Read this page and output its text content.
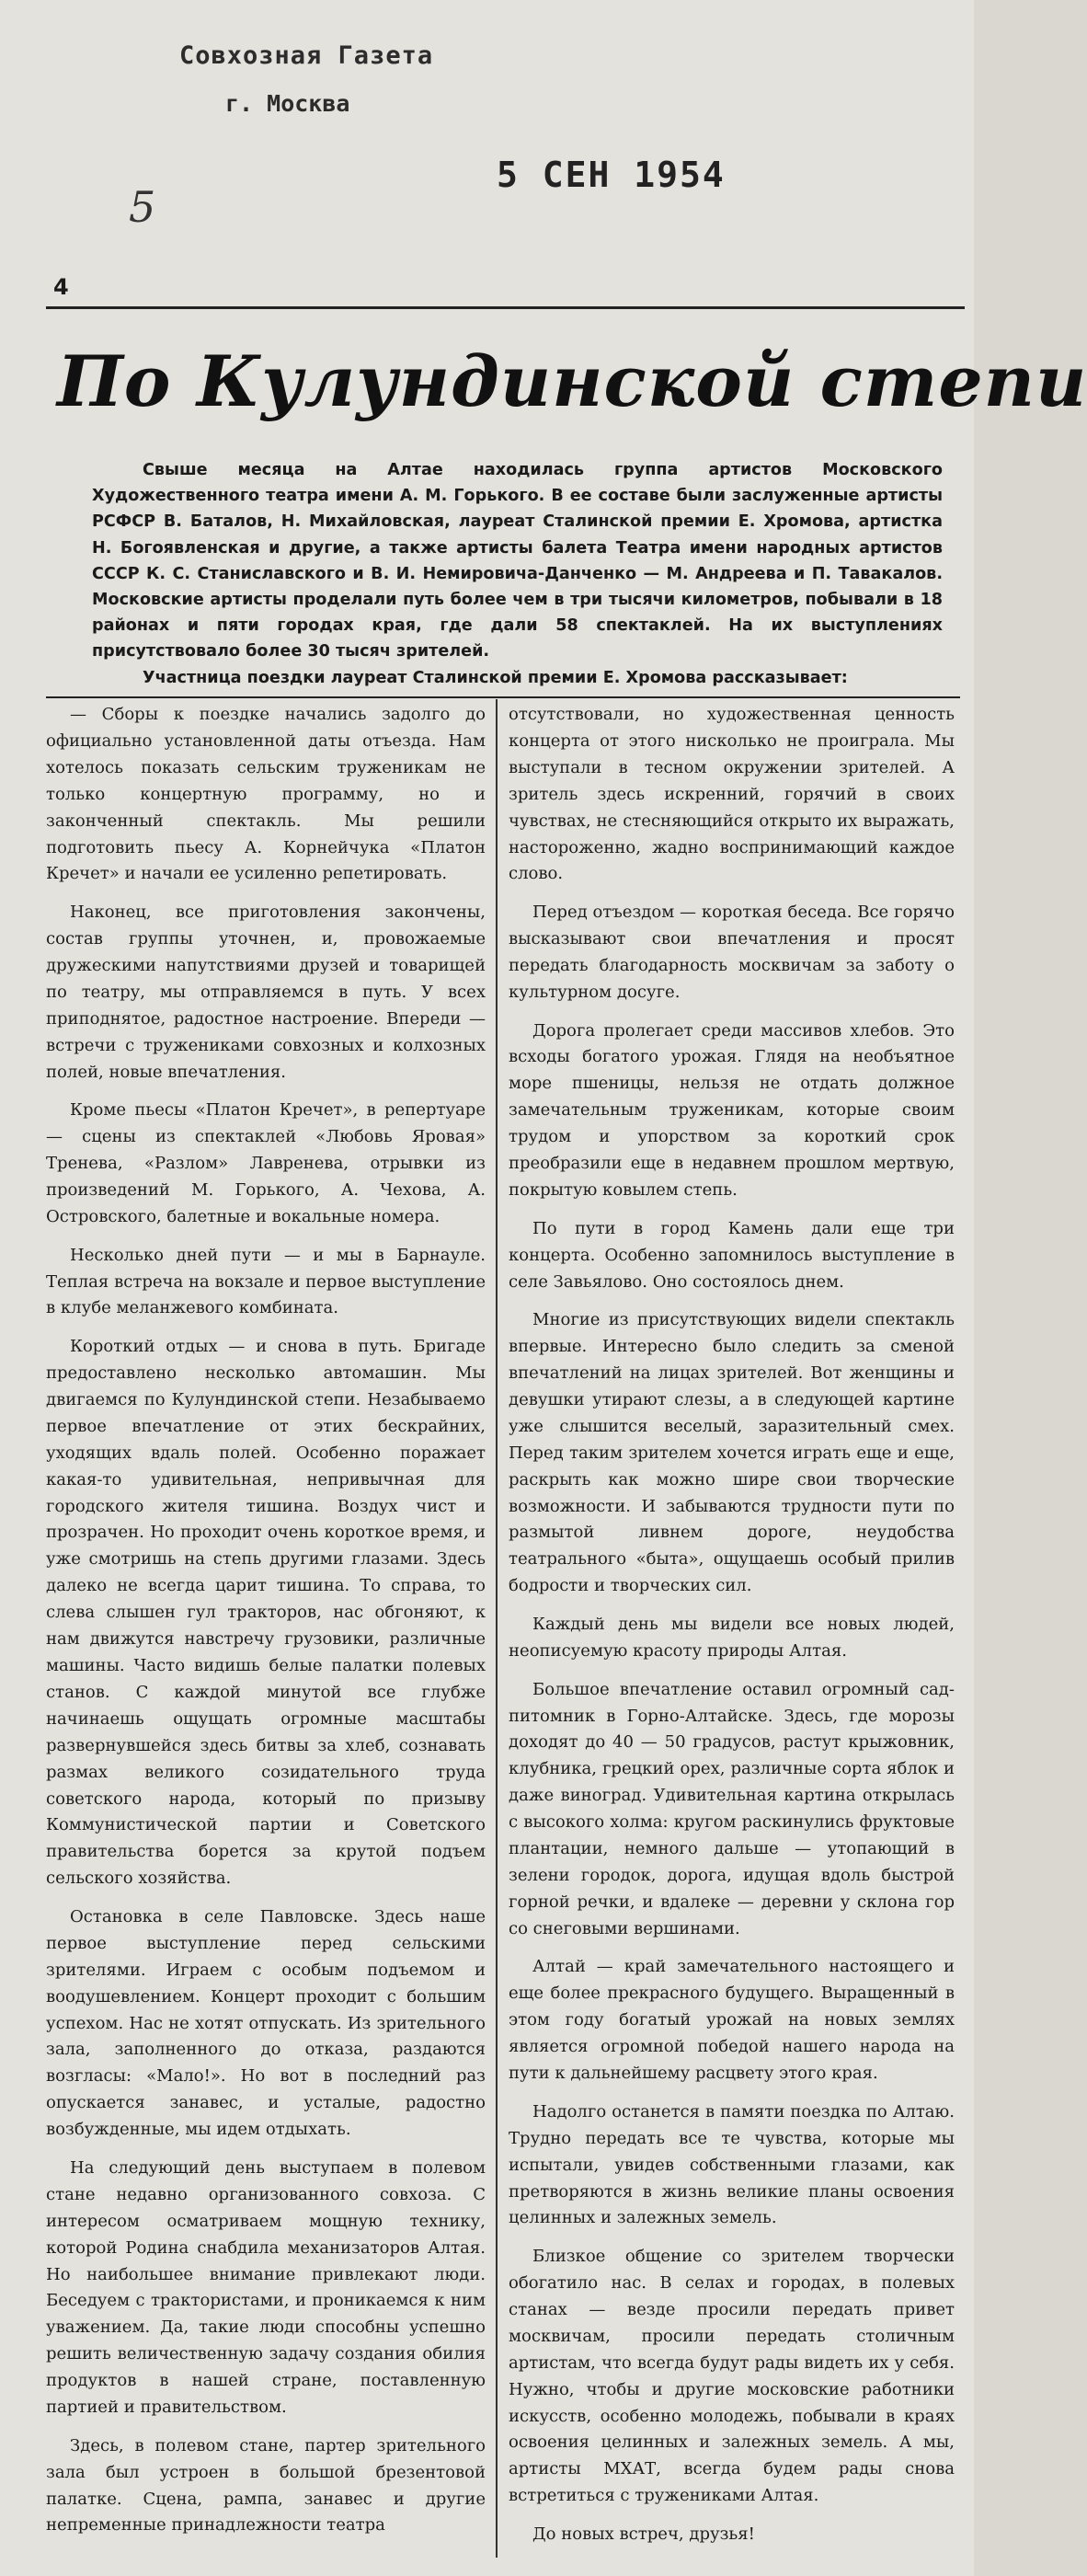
Совхозная Газета
г. Москва
5 СЕН 1954
5
4
По Кулундинской степи

Свыше месяца на Алтае находилась группа артистов Московского Художественного театра имени А. М. Горького. В ее составе были заслуженные артисты РСФСР В. Баталов, Н. Михайловская, лауреат Сталинской премии Е. Хромова, артистка Н. Богоявленская и другие, а также артисты балета Театра имени народных артистов СССР К. С. Станиславского и В. И. Немировича-Данченко — М. Андреева и П. Тавакалов. Московские артисты проделали путь более чем в три тысячи километров, побывали в 18 районах и пяти городах края, где дали 58 спектаклей. На их выступлениях присутствовало более 30 тысяч зрителей.

Участница поездки лауреат Сталинской премии Е. Хромова рассказывает:

— Сборы к поездке начались задолго до официально установленной даты отъезда. Нам хотелось показать сельским труженикам не только концертную программу, но и законченный спектакль. Мы решили подготовить пьесу А. Корнейчука «Платон Кречет» и начали ее усиленно репетировать.

Наконец, все приготовления закончены, состав группы уточнен, и, провожаемые дружескими напутствиями друзей и товарищей по театру, мы отправляемся в путь. У всех приподнятое, радостное настроение. Впереди — встречи с тружениками совхозных и колхозных полей, новые впечатления.

Кроме пьесы «Платон Кречет», в репертуаре — сцены из спектаклей «Любовь Яровая» Тренева, «Разлом» Лавренева, отрывки из произведений М. Горького, А. Чехова, А. Островского, балетные и вокальные номера.

Несколько дней пути — и мы в Барнауле. Теплая встреча на вокзале и первое выступление в клубе меланжевого комбината.

Короткий отдых — и снова в путь. Бригаде предоставлено несколько автомашин. Мы двигаемся по Кулундинской степи. Незабываемо первое впечатление от этих бескрайних, уходящих вдаль полей. Особенно поражает какая-то удивительная, непривычная для городского жителя тишина. Воздух чист и прозрачен. Но проходит очень короткое время, и уже смотришь на степь другими глазами. Здесь далеко не всегда царит тишина. То справа, то слева слышен гул тракторов, нас обгоняют, к нам движутся навстречу грузовики, различные машины. Часто видишь белые палатки полевых станов. С каждой минутой все глубже начинаешь ощущать огромные масштабы развернувшейся здесь битвы за хлеб, сознавать размах великого созидательного труда советского народа, который по призыву Коммунистической партии и Советского правительства борется за крутой подъем сельского хозяйства.

Остановка в селе Павловске. Здесь наше первое выступление перед сельскими зрителями. Играем с особым подъемом и воодушевлением. Концерт проходит с большим успехом. Нас не хотят отпускать. Из зрительного зала, заполненного до отказа, раздаются возгласы: «Мало!». Но вот в последний раз опускается занавес, и усталые, радостно возбужденные, мы идем отдыхать.

На следующий день выступаем в полевом стане недавно организованного совхоза. С интересом осматриваем мощную технику, которой Родина снабдила механизаторов Алтая. Но наибольшее внимание привлекают люди. Беседуем с трактористами, и проникаемся к ним уважением. Да, такие люди способны успешно решить величественную задачу создания обилия продуктов в нашей стране, поставленную партией и правительством.

Здесь, в полевом стане, партер зрительного зала был устроен в большой брезентовой палатке. Сцена, рампа, занавес и другие непременные принадлежности театра

отсутствовали, но художественная ценность концерта от этого нисколько не проиграла. Мы выступали в тесном окружении зрителей. А зритель здесь искренний, горячий в своих чувствах, не стесняющийся открыто их выражать, настороженно, жадно воспринимающий каждое слово.

Перед отъездом — короткая беседа. Все горячо высказывают свои впечатления и просят передать благодарность москвичам за заботу о культурном досуге.

Дорога пролегает среди массивов хлебов. Это всходы богатого урожая. Глядя на необъятное море пшеницы, нельзя не отдать должное замечательным труженикам, которые своим трудом и упорством за короткий срок преобразили еще в недавнем прошлом мертвую, покрытую ковылем степь.

По пути в город Камень дали еще три концерта. Особенно запомнилось выступление в селе Завьялово. Оно состоялось днем.

Многие из присутствующих видели спектакль впервые. Интересно было следить за сменой впечатлений на лицах зрителей. Вот женщины и девушки утирают слезы, а в следующей картине уже слышится веселый, заразительный смех. Перед таким зрителем хочется играть еще и еще, раскрыть как можно шире свои творческие возможности. И забываются трудности пути по размытой ливнем дороге, неудобства театрального «быта», ощущаешь особый прилив бодрости и творческих сил.

Каждый день мы видели все новых людей, неописуемую красоту природы Алтая.

Большое впечатление оставил огромный сад-питомник в Горно-Алтайске. Здесь, где морозы доходят до 40 — 50 градусов, растут крыжовник, клубника, грецкий орех, различные сорта яблок и даже виноград. Удивительная картина открылась с высокого холма: кругом раскинулись фруктовые плантации, немного дальше — утопающий в зелени городок, дорога, идущая вдоль быстрой горной речки, и вдалеке — деревни у склона гор со снеговыми вершинами.

Алтай — край замечательного настоящего и еще более прекрасного будущего. Выращенный в этом году богатый урожай на новых землях является огромной победой нашего народа на пути к дальнейшему расцвету этого края.

Надолго останется в памяти поездка по Алтаю. Трудно передать все те чувства, которые мы испытали, увидев собственными глазами, как претворяются в жизнь великие планы освоения целинных и залежных земель.

Близкое общение со зрителем творчески обогатило нас. В селах и городах, в полевых станах — везде просили передать привет москвичам, просили передать столичным артистам, что всегда будут рады видеть их у себя. Нужно, чтобы и другие московские работники искусств, особенно молодежь, побывали в краях освоения целинных и залежных земель. А мы, артисты МХАТ, всегда будем рады снова встретиться с тружениками Алтая.

До новых встреч, друзья!
